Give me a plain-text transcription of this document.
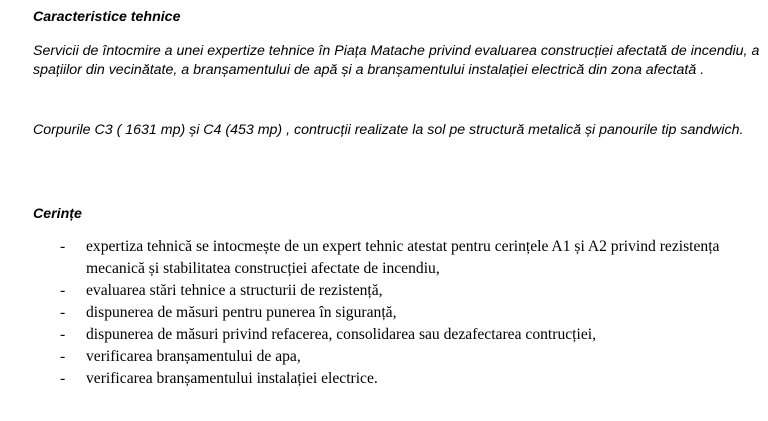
Caracteristice tehnice
Servicii de întocmire a unei expertize tehnice în Piața Matache privind evaluarea construcției afectată de incendiu, a spațiilor din vecinătate, a branșamentului de apă și a branșamentului instalației electrică din zona afectată .
Corpurile C3 ( 1631 mp) și C4 (453 mp) , contrucții realizate la sol pe structură metalică și panourile tip sandwich.
Cerințe
- expertiza tehnică se intocmește de un expert tehnic atestat pentru cerințele A1 și A2 privind rezistența mecanică și stabilitatea construcției afectate de incendiu,
- evaluarea stări tehnice a structurii de rezistență,
- dispunerea de măsuri pentru punerea în siguranță,
- dispunerea de măsuri privind refacerea, consolidarea sau dezafectarea contrucției,
- verificarea branșamentului de apa,
- verificarea branșamentului instalației electrice.
